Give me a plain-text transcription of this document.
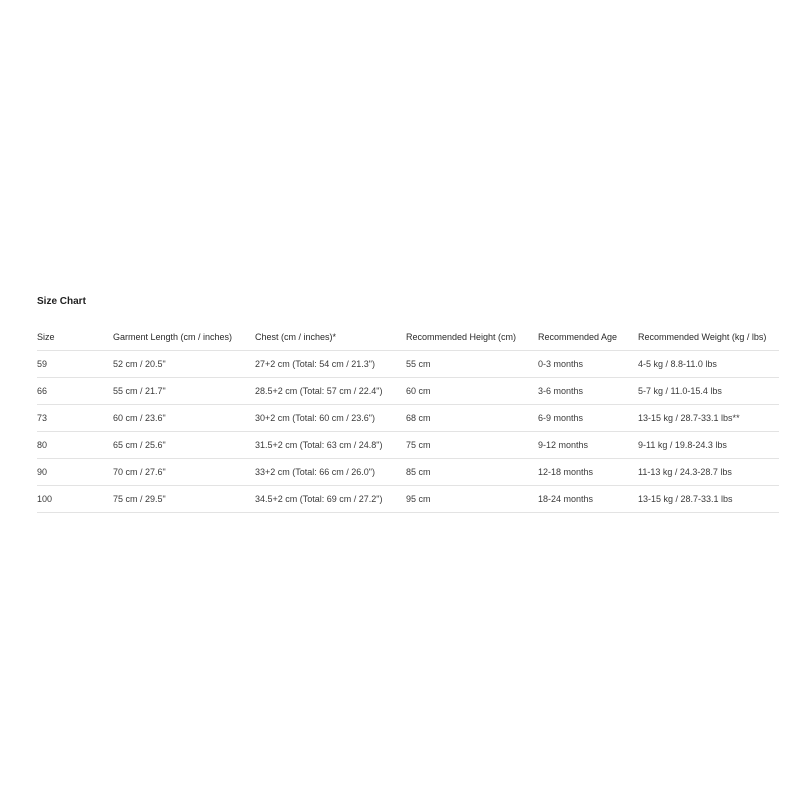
Size Chart
Size	Garment Length (cm / inches)	Chest (cm / inches)*	Recommended Height (cm)	Recommended Age	Recommended Weight (kg / lbs)
59	52 cm / 20.5"	27+2 cm (Total: 54 cm / 21.3")	55 cm	0-3 months	4-5 kg / 8.8-11.0 lbs
66	55 cm / 21.7"	28.5+2 cm (Total: 57 cm / 22.4")	60 cm	3-6 months	5-7 kg / 11.0-15.4 lbs
73	60 cm / 23.6"	30+2 cm (Total: 60 cm / 23.6")	68 cm	6-9 months	13-15 kg / 28.7-33.1 lbs**
80	65 cm / 25.6"	31.5+2 cm (Total: 63 cm / 24.8")	75 cm	9-12 months	9-11 kg / 19.8-24.3 lbs
90	70 cm / 27.6"	33+2 cm (Total: 66 cm / 26.0")	85 cm	12-18 months	11-13 kg / 24.3-28.7 lbs
100	75 cm / 29.5"	34.5+2 cm (Total: 69 cm / 27.2")	95 cm	18-24 months	13-15 kg / 28.7-33.1 lbs
